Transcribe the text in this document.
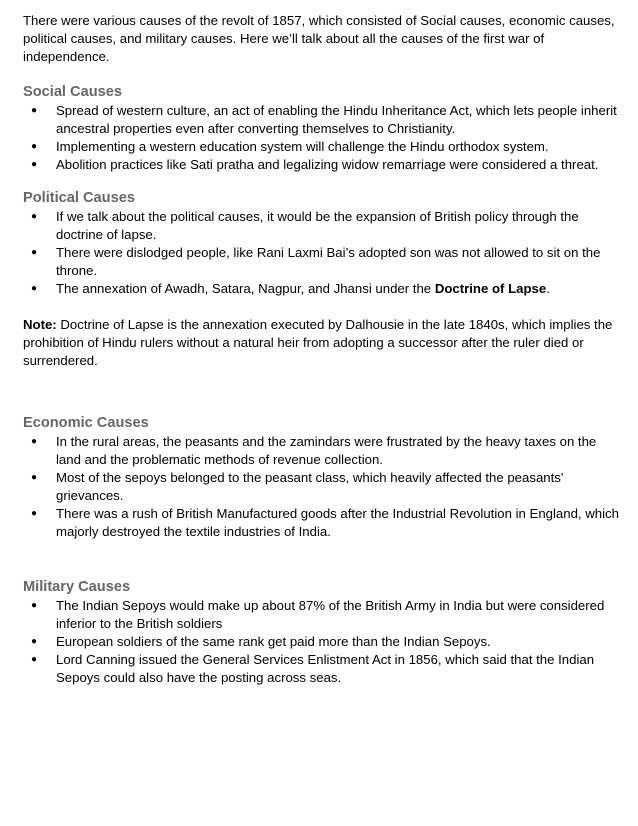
There were various causes of the revolt of 1857, which consisted of Social causes, economic causes, political causes, and military causes. Here we’ll talk about all the causes of the first war of independence.

Social Causes
● Spread of western culture, an act of enabling the Hindu Inheritance Act, which lets people inherit ancestral properties even after converting themselves to Christianity.
● Implementing a western education system will challenge the Hindu orthodox system.
● Abolition practices like Sati pratha and legalizing widow remarriage were considered a threat.
Political Causes
● If we talk about the political causes, it would be the expansion of British policy through the doctrine of lapse.
● There were dislodged people, like Rani Laxmi Bai’s adopted son was not allowed to sit on the throne.
● The annexation of Awadh, Satara, Nagpur, and Jhansi under the Doctrine of Lapse.

Note: Doctrine of Lapse is the annexation executed by Dalhousie in the late 1840s, which implies the prohibition of Hindu rulers without a natural heir from adopting a successor after the ruler died or surrendered.

Economic Causes
● In the rural areas, the peasants and the zamindars were frustrated by the heavy taxes on the land and the problematic methods of revenue collection.
● Most of the sepoys belonged to the peasant class, which heavily affected the peasants' grievances.
● There was a rush of British Manufactured goods after the Industrial Revolution in England, which majorly destroyed the textile industries of India.
Military Causes
● The Indian Sepoys would make up about 87% of the British Army in India but were considered inferior to the British soldiers
● European soldiers of the same rank get paid more than the Indian Sepoys.
● Lord Canning issued the General Services Enlistment Act in 1856, which said that the Indian Sepoys could also have the posting across seas.
